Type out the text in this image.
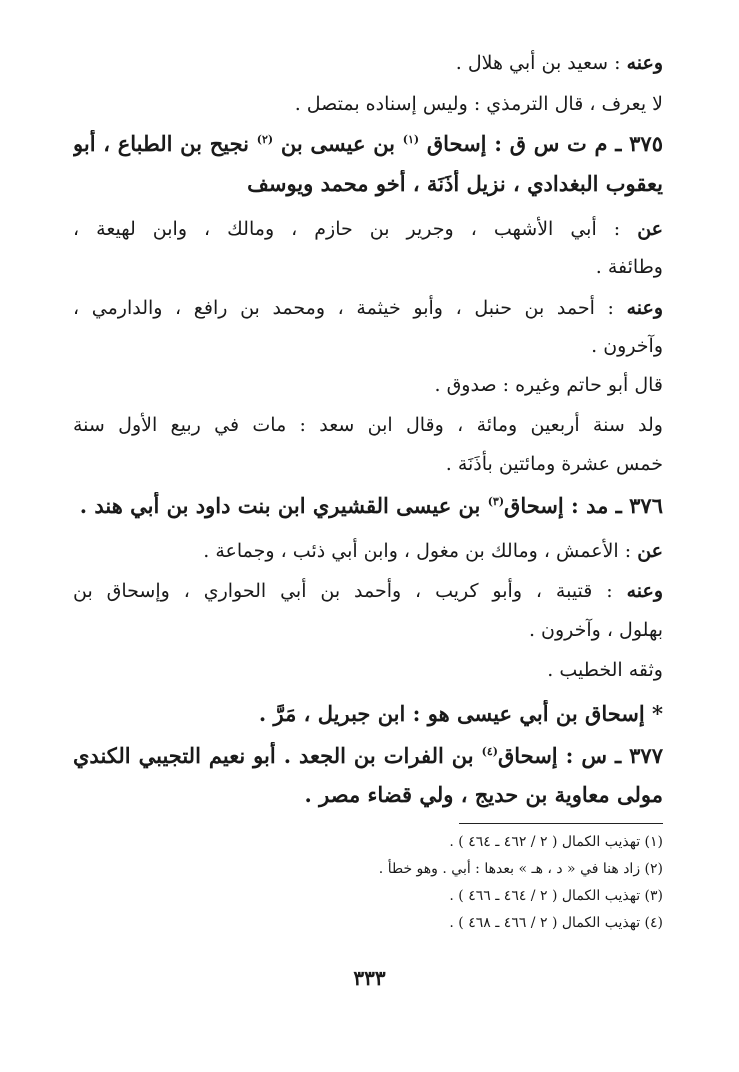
وعنه : سعيد بن أبي هلال .
لا يعرف ، قال الترمذي : وليس إسناده بمتصل .
٣٧٥ ـ م ت س ق : إسحاق $^{(١)}$ بن عيسى بن $^{(٢)}$ نجيح بن الطباع ، أبو
يعقوب البغدادي ، نزيل أَذَنَة ، أخو محمد ويوسف
عن : أبي الأشهب ، وجرير بن حازم ، ومالك ، وابن لهيعة ،
وطائفة .
وعنه : أحمد بن حنبل ، وأبو خيثمة ، ومحمد بن رافع ، والدارمي ،
وآخرون .
قال أبو حاتم وغيره : صدوق .
ولد سنة أربعين ومائة ، وقال ابن سعد : مات في ربيع الأول سنة
خمس عشرة ومائتين بأَذَنَة .
٣٧٦ ـ مد : إسحاق$^{(٣)}$ بن عيسى القشيري ابن بنت داود بن أبي هند .
عن : الأعمش ، ومالك بن مغول ، وابن أبي ذئب ، وجماعة .
وعنه : قتيبة ، وأبو كريب ، وأحمد بن أبي الحواري ، وإسحاق بن
بهلول ، وآخرون .
وثقه الخطيب .
* إسحاق بن أبي عيسى هو : ابن جبريل ، مَرَّ .
٣٧٧ ـ س : إسحاق$^{(٤)}$ بن الفرات بن الجعد . أبو نعيم التجيبي الكندي
مولى معاوية بن حديج ، ولي قضاء مصر .
(١) تهذيب الكمال ( ٢ / ٤٦٢ ـ ٤٦٤ ) .
(٢) زاد هنا في « د ، هـ » بعدها : أبي . وهو خطأ .
(٣) تهذيب الكمال ( ٢ / ٤٦٤ ـ ٤٦٦ ) .
(٤) تهذيب الكمال ( ٢ / ٤٦٦ ـ ٤٦٨ ) .
٣٣٣
